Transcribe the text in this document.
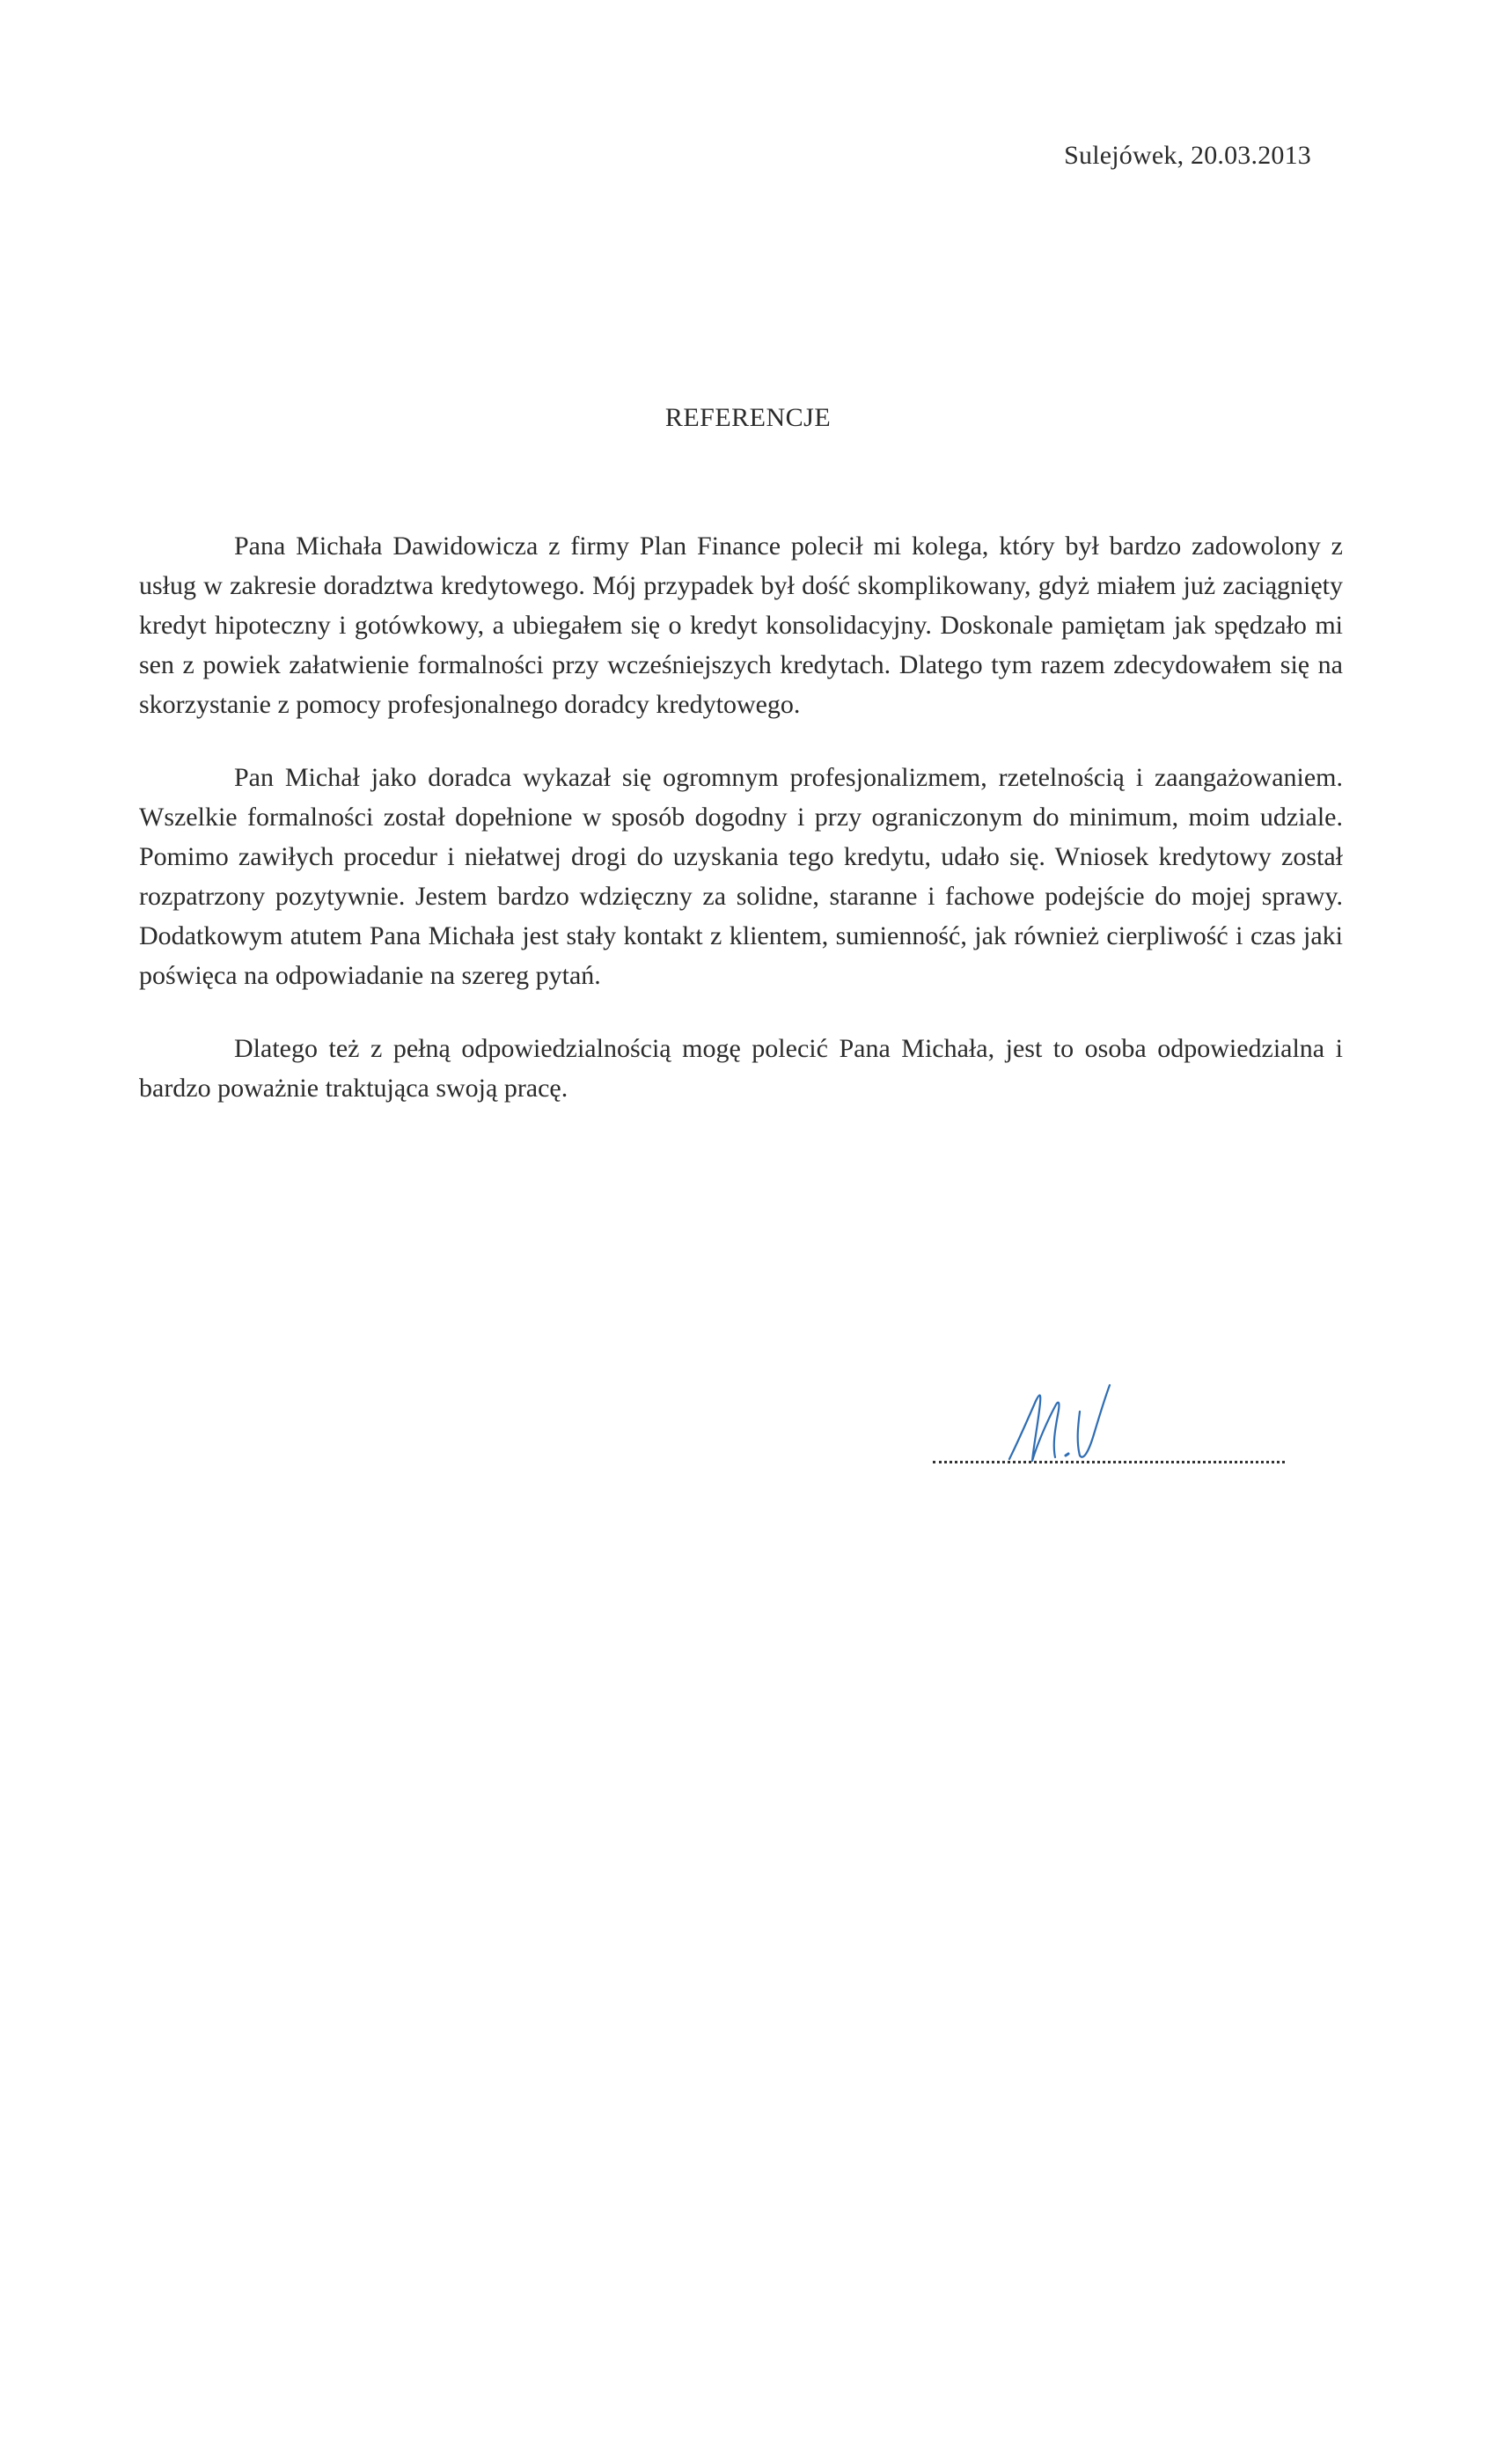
Sulejówek, 20.03.2013
REFERENCJE

Pana Michała Dawidowicza z firmy Plan Finance polecił mi kolega, który był bardzo zadowolony z usług w zakresie doradztwa kredytowego. Mój przypadek był dość skomplikowany, gdyż miałem już zaciągnięty kredyt hipoteczny i gotówkowy, a ubiegałem się o kredyt konsolidacyjny. Doskonale pamiętam jak spędzało mi sen z powiek załatwienie formalności przy wcześniejszych kredytach. Dlatego tym razem zdecydowałem się na skorzystanie z pomocy profesjonalnego doradcy kredytowego.

Pan Michał jako doradca wykazał się ogromnym profesjonalizmem, rzetelnością i zaangażowaniem. Wszelkie formalności został dopełnione w sposób dogodny i przy ograniczonym do minimum, moim udziale. Pomimo zawiłych procedur i niełatwej drogi do uzyskania tego kredytu, udało się. Wniosek kredytowy został rozpatrzony pozytywnie. Jestem bardzo wdzięczny za solidne, staranne i fachowe podejście do mojej sprawy. Dodatkowym atutem Pana Michała jest stały kontakt z klientem, sumienność, jak również cierpliwość i czas jaki poświęca na odpowiadanie na szereg pytań.

Dlatego też z pełną odpowiedzialnością mogę polecić Pana Michała, jest to osoba odpowiedzialna i bardzo poważnie traktująca swoją pracę.
